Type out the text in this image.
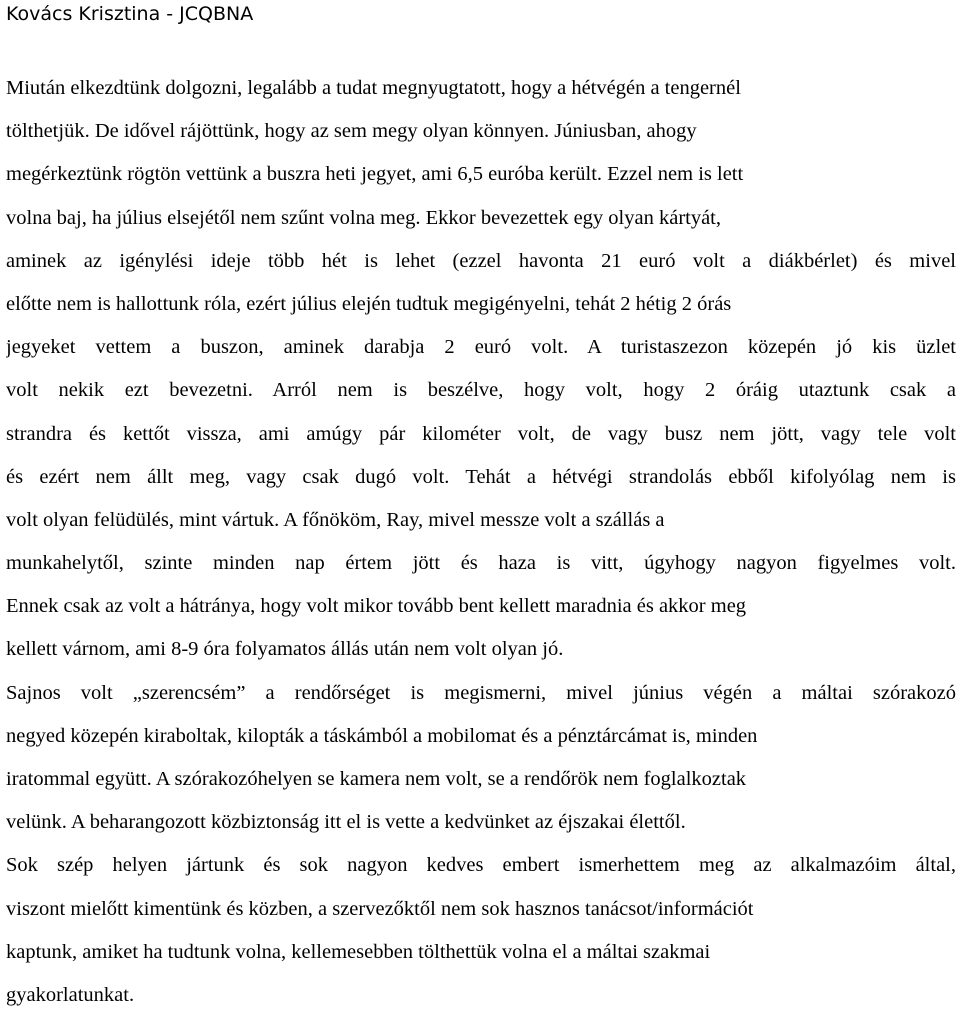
Kovács Krisztina - JCQBNA
Miután elkezdtünk dolgozni, legalább a tudat megnyugtatott, hogy a hétvégén a tengernél
tölthetjük. De idővel rájöttünk, hogy az sem megy olyan könnyen. Júniusban, ahogy
megérkeztünk rögtön vettünk a buszra heti jegyet, ami 6,5 euróba került. Ezzel nem is lett
volna baj, ha július elsejétől nem szűnt volna meg. Ekkor bevezettek egy olyan kártyát,
aminek az igénylési ideje több hét is lehet (ezzel havonta 21 euró volt a diákbérlet) és mivel
előtte nem is hallottunk róla, ezért július elején tudtuk megigényelni, tehát 2 hétig 2 órás
jegyeket vettem a buszon, aminek darabja 2 euró volt. A turistaszezon közepén jó kis üzlet
volt nekik ezt bevezetni. Arról nem is beszélve, hogy volt, hogy 2 óráig utaztunk csak a
strandra és kettőt vissza, ami amúgy pár kilométer volt, de vagy busz nem jött, vagy tele volt
és ezért nem állt meg, vagy csak dugó volt. Tehát a hétvégi strandolás ebből kifolyólag nem is
volt olyan felüdülés, mint vártuk. A főnököm, Ray, mivel messze volt a szállás a
munkahelytől, szinte minden nap értem jött és haza is vitt, úgyhogy nagyon figyelmes volt.
Ennek csak az volt a hátránya, hogy volt mikor tovább bent kellett maradnia és akkor meg
kellett várnom, ami 8-9 óra folyamatos állás után nem volt olyan jó.
Sajnos volt „szerencsém” a rendőrséget is megismerni, mivel június végén a máltai szórakozó
negyed közepén kiraboltak, kilopták a táskámból a mobilomat és a pénztárcámat is, minden
iratommal együtt. A szórakozóhelyen se kamera nem volt, se a rendőrök nem foglalkoztak
velünk. A beharangozott közbiztonság itt el is vette a kedvünket az éjszakai élettől.
Sok szép helyen jártunk és sok nagyon kedves embert ismerhettem meg az alkalmazóim által,
viszont mielőtt kimentünk és közben, a szervezőktől nem sok hasznos tanácsot/információt
kaptunk, amiket ha tudtunk volna, kellemesebben tölthettük volna el a máltai szakmai
gyakorlatunkat.
